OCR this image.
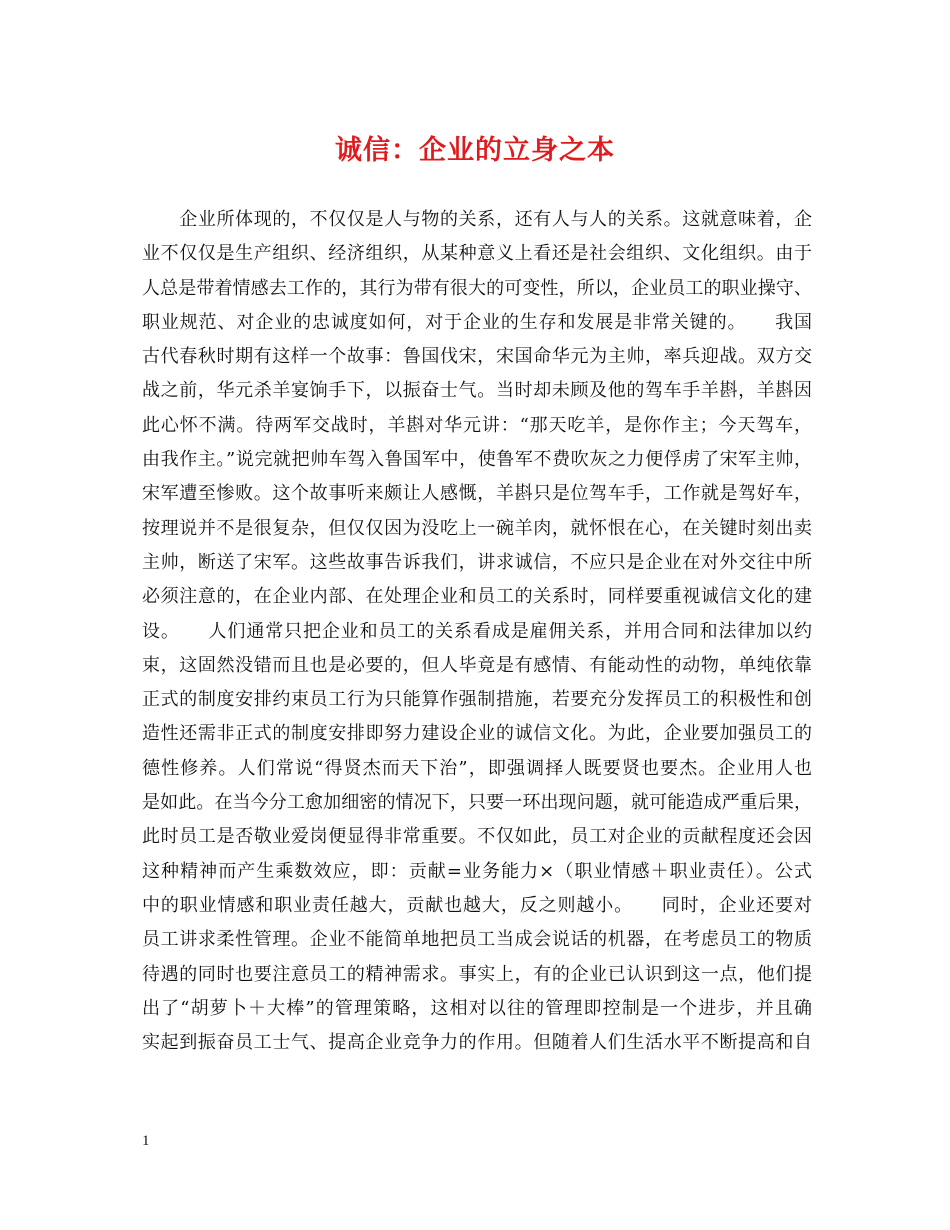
诚信：企业的立身之本
　　企业所体现的，不仅仅是人与物的关系，还有人与人的关系。这就意味着，企
业不仅仅是生产组织、经济组织，从某种意义上看还是社会组织、文化组织。由于
人总是带着情感去工作的，其行为带有很大的可变性，所以，企业员工的职业操守、
职业规范、对企业的忠诚度如何，对于企业的生存和发展是非常关键的。　　我国
古代春秋时期有这样一个故事：鲁国伐宋，宋国命华元为主帅，率兵迎战。双方交
战之前，华元杀羊宴饷手下，以振奋士气。当时却未顾及他的驾车手羊斟，羊斟因
此心怀不满。待两军交战时，羊斟对华元讲：“那天吃羊，是你作主；今天驾车，
由我作主。”说完就把帅车驾入鲁国军中，使鲁军不费吹灰之力便俘虏了宋军主帅，
宋军遭至惨败。这个故事听来颇让人感慨，羊斟只是位驾车手，工作就是驾好车，
按理说并不是很复杂，但仅仅因为没吃上一碗羊肉，就怀恨在心，在关键时刻出卖
主帅，断送了宋军。这些故事告诉我们，讲求诚信，不应只是企业在对外交往中所
必须注意的，在企业内部、在处理企业和员工的关系时，同样要重视诚信文化的建
设。　　人们通常只把企业和员工的关系看成是雇佣关系，并用合同和法律加以约
束，这固然没错而且也是必要的，但人毕竟是有感情、有能动性的动物，单纯依靠
正式的制度安排约束员工行为只能算作强制措施，若要充分发挥员工的积极性和创
造性还需非正式的制度安排即努力建设企业的诚信文化。为此，企业要加强员工的
德性修养。人们常说“得贤杰而天下治”，即强调择人既要贤也要杰。企业用人也
是如此。在当今分工愈加细密的情况下，只要一环出现问题，就可能造成严重后果，
此时员工是否敬业爱岗便显得非常重要。不仅如此，员工对企业的贡献程度还会因
这种精神而产生乘数效应，即：贡献=业务能力×（职业情感＋职业责任）。公式
中的职业情感和职业责任越大，贡献也越大，反之则越小。　　同时，企业还要对
员工讲求柔性管理。企业不能简单地把员工当成会说话的机器，在考虑员工的物质
待遇的同时也要注意员工的精神需求。事实上，有的企业已认识到这一点，他们提
出了“胡萝卜＋大棒”的管理策略，这相对以往的管理即控制是一个进步，并且确
实起到振奋员工士气、提高企业竞争力的作用。但随着人们生活水平不断提高和自
1
